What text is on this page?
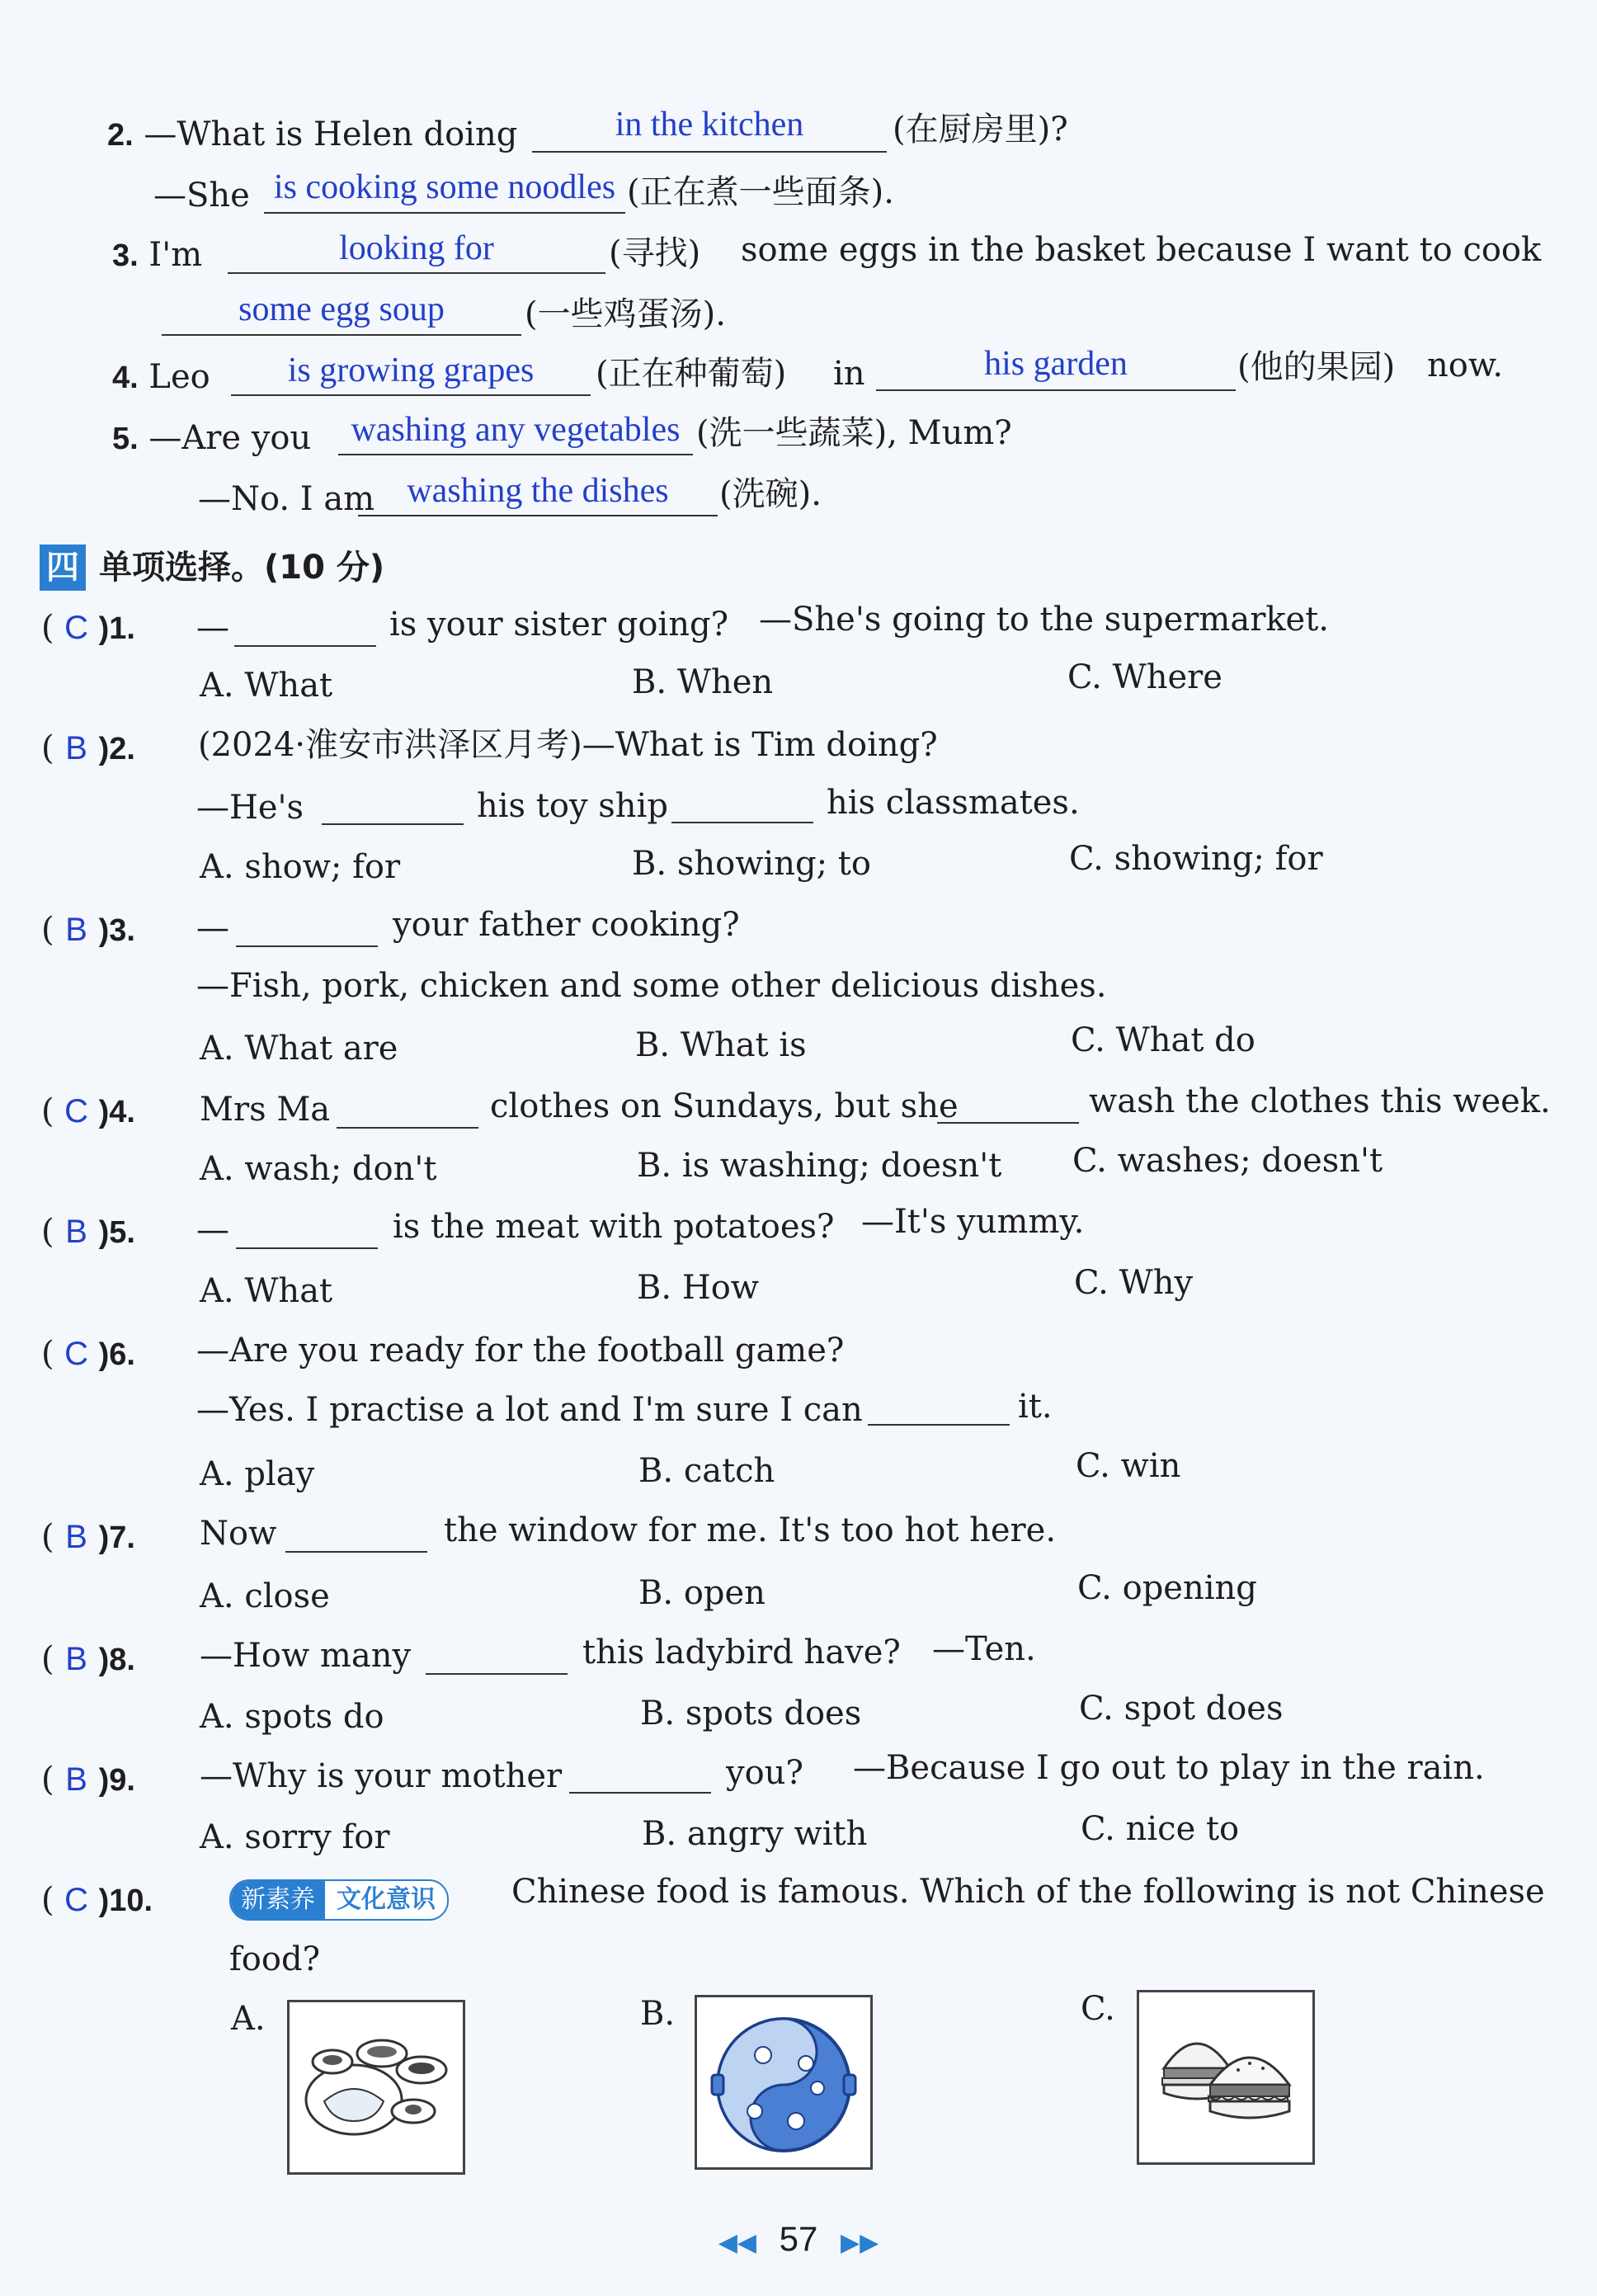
2. —What is Helen doing	in the kitchen	(在厨房里)?
—She is cooking some noodles (正在煮一些面条).
3. I'm	looking for	(寻找) some eggs in the basket because I want to cook
some egg soup	(一些鸡蛋汤).
4. Leo	is growing grapes	(正在种葡萄) in	his garden	(他的果园) now.
5. —Are you	washing any vegetables (洗一些蔬菜), Mum?
—No. I am washing the dishes	(洗碗).
四 单项选择。(10 分)
( C )1. —	is your sister going? —She's going to the supermarket.
A. What	B. When	C. Where
( B )2. (2024·淮安市洪泽区月考)—What is Tim doing?
—He's	his toy ship	his classmates.
A. show; for	B. showing; to	C. showing; for
( B )3. —	your father cooking?
—Fish, pork, chicken and some other delicious dishes.
A. What are	B. What is	C. What do
( C )4. Mrs Ma	clothes on Sundays, but she	wash the clothes this week.
A. wash; don't	B. is washing; doesn't C. washes; doesn't
( B )5. —	is the meat with potatoes? —It's yummy.
A. What	B. How	C. Why
( C )6. —Are you ready for the football game?
—Yes. I practise a lot and I'm sure I can	it.
A. play	B. catch	C. win
( B )7. Now	the window for me. It's too hot here.
A. close	B. open	C. opening
( B )8. —How many	this ladybird have? —Ten.
A. spots do	B. spots does	C. spot does
( B )9. —Why is your mother	you? —Because I go out to play in the rain.
A. sorry for	B. angry with	C. nice to
( C )10.	新素养 文化意识	Chinese food is famous. Which of the following is not Chinese
food?
A.	B.	C.
◀◀ 57 ▶▶
